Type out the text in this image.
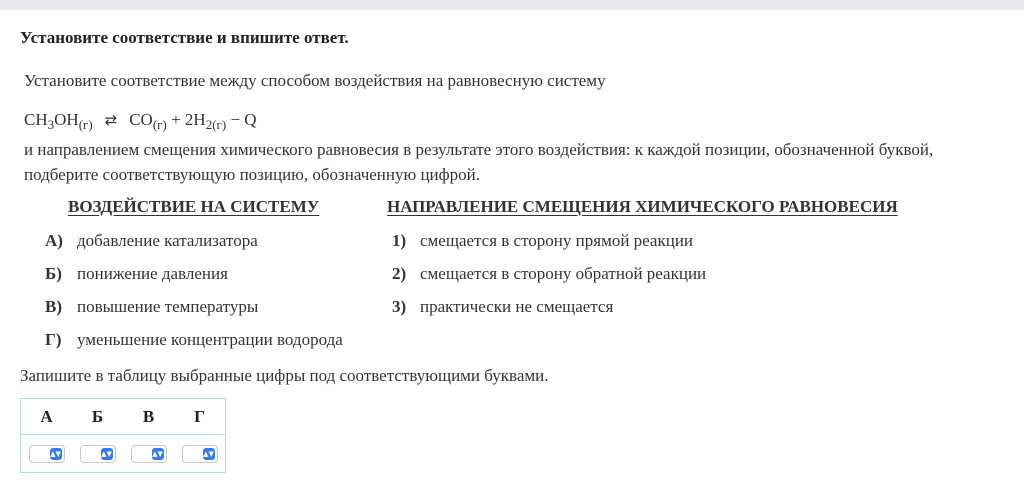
Установите соответствие и впишите ответ.
Установите соответствие между способом воздействия на равновесную систему
$CH_3OH_{(г)}$ ⇄ $CO_{(г)} + 2H_{2(г)} - Q$
и направлением смещения химического равновесия в результате этого воздействия: к каждой позиции, обозначенной буквой, подберите соответствующую позицию, обозначенную цифрой.
ВОЗДЕЙСТВИЕ НА СИСТЕМУ	НАПРАВЛЕНИЕ СМЕЩЕНИЯ ХИМИЧЕСКОГО РАВНОВЕСИЯ
А) добавление катализатора
Б) понижение давления
В) повышение температуры
Г) уменьшение концентрации водорода
1) смещается в сторону прямой реакции
2) смещается в сторону обратной реакции
3) практически не смещается
Запишите в таблицу выбранные цифры под соответствующими буквами.
А	Б	В	Г

▲▼	▲▼	▲▼	▲▼
